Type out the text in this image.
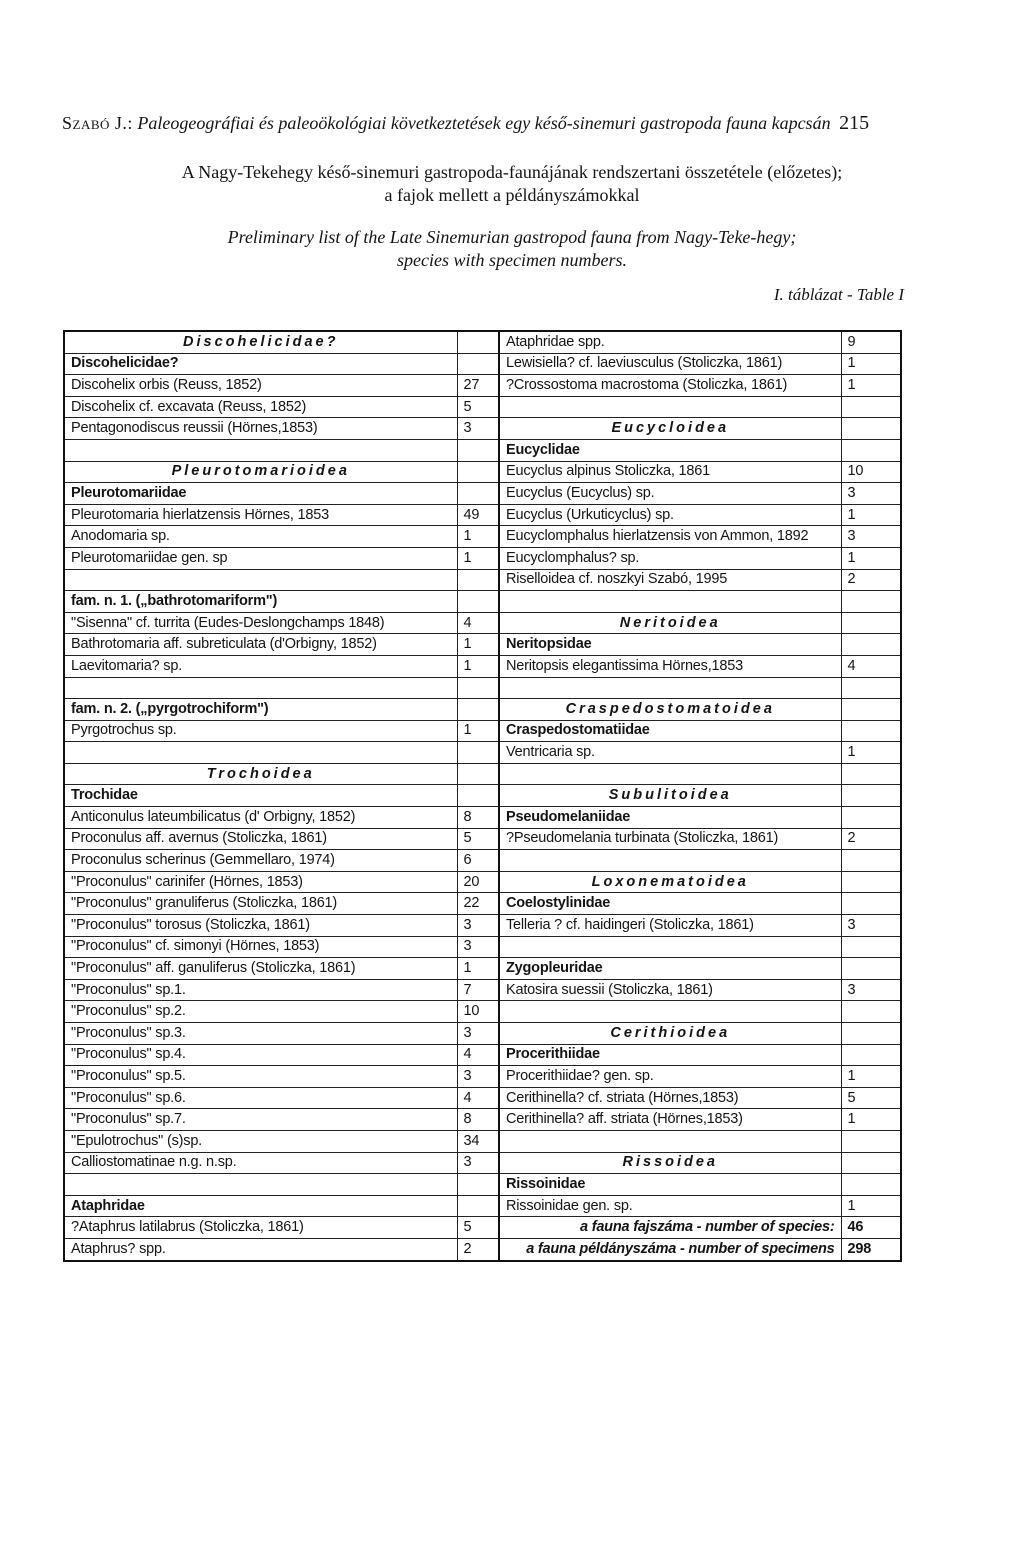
Szabó J.: Paleogeográfiai és paleoökológiai következtetések egy késő-sinemuri gastropoda fauna kapcsán 215
A Nagy-Tekehegy késő-sinemuri gastropoda-faunájának rendszertani összetétele (előzetes);
a fajok mellett a példányszámokkal
Preliminary list of the Late Sinemurian gastropod fauna from Nagy-Teke-hegy;
species with specimen numbers.
I. táblázat - Table I
Discohelicidae?		Ataphridae spp.	9
Discohelicidae?		Lewisiella? cf. laeviusculus (Stoliczka, 1861)	1
Discohelix orbis (Reuss, 1852)	27	?Crossostoma macrostoma (Stoliczka, 1861)	1
Discohelix cf. excavata (Reuss, 1852)	5		
Pentagonodiscus reussii (Hörnes,1853)	3	Eucycloidea	
		Eucyclidae	
Pleurotomarioidea		Eucyclus alpinus Stoliczka, 1861	10
Pleurotomariidae		Eucyclus (Eucyclus) sp.	3
Pleurotomaria hierlatzensis Hörnes, 1853	49	Eucyclus (Urkuticyclus) sp.	1
Anodomaria sp.	1	Eucyclomphalus hierlatzensis von Ammon, 1892	3
Pleurotomariidae gen. sp	1	Eucyclomphalus? sp.	1
		Riselloidea cf. noszkyi Szabó, 1995	2
fam. n. 1. („bathrotomariform")			
"Sisenna" cf. turrita (Eudes-Deslongchamps 1848)	4	Neritoidea	
Bathrotomaria aff. subreticulata (d'Orbigny, 1852)	1	Neritopsidae	
Laevitomaria? sp.	1	Neritopsis elegantissima Hörnes,1853	4

fam. n. 2. („pyrgotrochiform")		Craspedostomatoidea	
Pyrgotrochus sp.	1	Craspedostomatiidae	
		Ventricaria sp.	1
Trochoidea			
Trochidae		Subulitoidea	
Anticonulus lateumbilicatus (d' Orbigny, 1852)	8	Pseudomelaniidae	
Proconulus aff. avernus (Stoliczka, 1861)	5	?Pseudomelania turbinata (Stoliczka, 1861)	2
Proconulus scherinus (Gemmellaro, 1974)	6		
"Proconulus" carinifer (Hörnes, 1853)	20	Loxonematoidea	
"Proconulus" granuliferus (Stoliczka, 1861)	22	Coelostylinidae	
"Proconulus" torosus (Stoliczka, 1861)	3	Telleria ? cf. haidingeri (Stoliczka, 1861)	3
"Proconulus" cf. simonyi (Hörnes, 1853)	3		
"Proconulus" aff. ganuliferus (Stoliczka, 1861)	1	Zygopleuridae	
"Proconulus" sp.1.	7	Katosira suessii (Stoliczka, 1861)	3
"Proconulus" sp.2.	10		
"Proconulus" sp.3.	3	Cerithioidea	
"Proconulus" sp.4.	4	Procerithiidae	
"Proconulus" sp.5.	3	Procerithiidae? gen. sp.	1
"Proconulus" sp.6.	4	Cerithinella? cf. striata (Hörnes,1853)	5
"Proconulus" sp.7.	8	Cerithinella? aff. striata (Hörnes,1853)	1
"Epulotrochus" (s)sp.	34		
Calliostomatinae n.g. n.sp.	3	Rissoidea	
		Rissoinidae	
Ataphridae		Rissoinidae gen. sp.	1
?Ataphrus latilabrus (Stoliczka, 1861)	5	a fauna fajszáma - number of species:	46
Ataphrus? spp.	2	a fauna példányszáma - number of specimens	298
